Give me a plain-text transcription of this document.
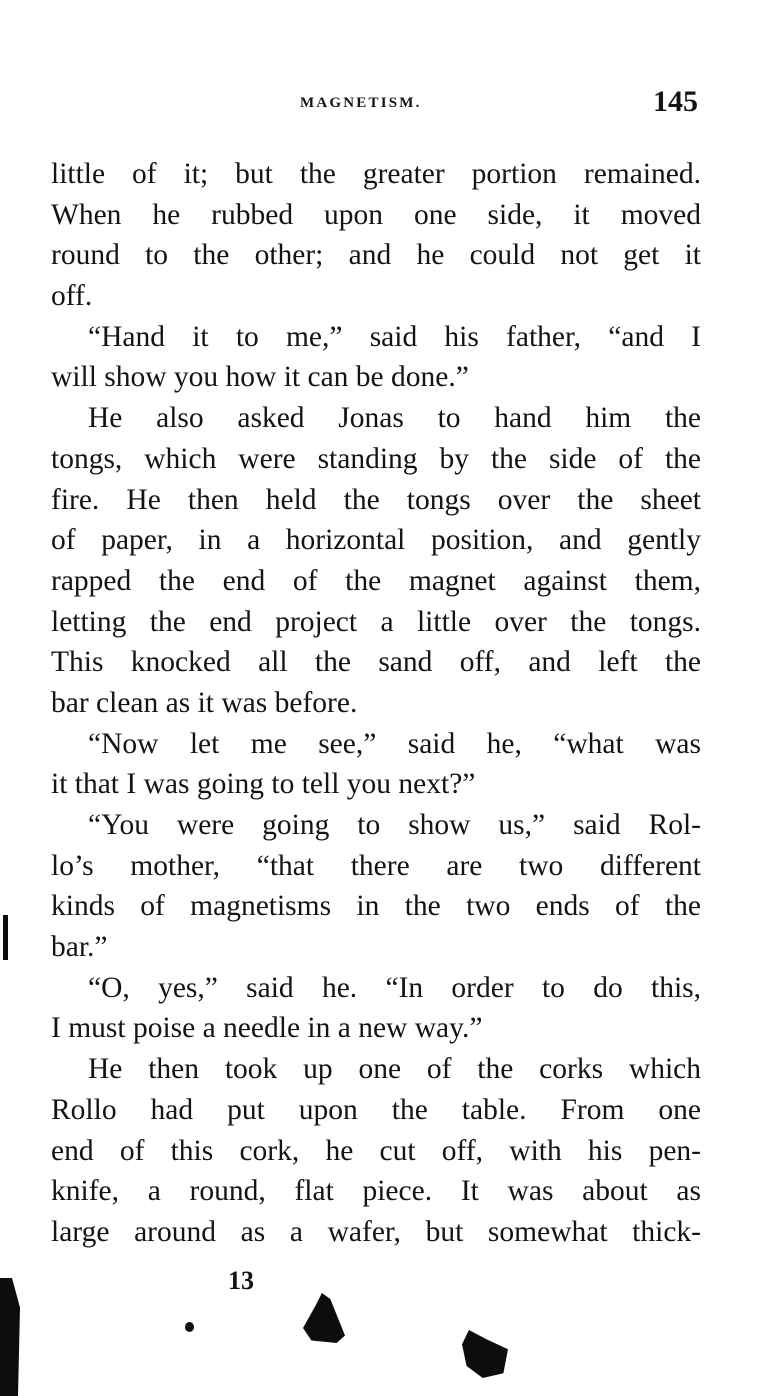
MAGNETISM.	145
little of it; but the greater portion remained.
When he rubbed upon one side, it moved
round to the other; and he could not get it
off.
“Hand it to me,” said his father, “and I
will show you how it can be done.”
He also asked Jonas to hand him the
tongs, which were standing by the side of the
fire. He then held the tongs over the sheet
of paper, in a horizontal position, and gently
rapped the end of the magnet against them,
letting the end project a little over the tongs.
This knocked all the sand off, and left the
bar clean as it was before.
“Now let me see,” said he, “what was
it that I was going to tell you next?”
“You were going to show us,” said Rol-
lo’s mother, “that there are two different
kinds of magnetisms in the two ends of the
bar.”
“O, yes,” said he. “In order to do this,
I must poise a needle in a new way.”
He then took up one of the corks which
Rollo had put upon the table. From one
end of this cork, he cut off, with his pen-
knife, a round, flat piece. It was about as
large around as a wafer, but somewhat thick-
13
